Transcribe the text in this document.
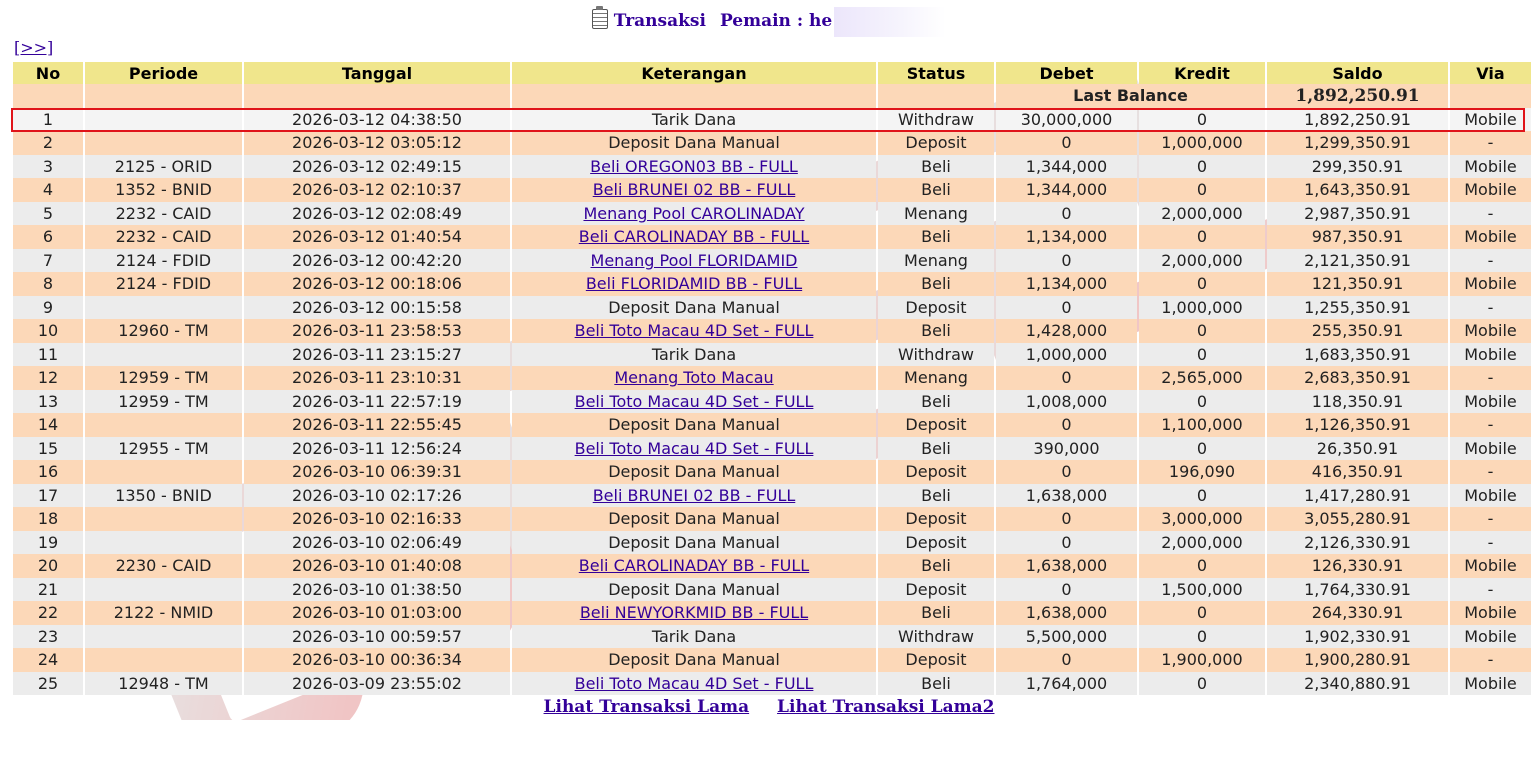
Transaksi Pemain : he
[>>]
No	Periode	Tanggal	Keterangan	Status	Debet	Kredit	Saldo	Via
					Last Balance		1,892,250.91	
1		2026-03-12 04:38:50	Tarik Dana	Withdraw	30,000,000	0	1,892,250.91	Mobile
2		2026-03-12 03:05:12	Deposit Dana Manual	Deposit	0	1,000,000	1,299,350.91	-
3	2125 - ORID	2026-03-12 02:49:15	Beli OREGON03 BB - FULL	Beli	1,344,000	0	299,350.91	Mobile
4	1352 - BNID	2026-03-12 02:10:37	Beli BRUNEI 02 BB - FULL	Beli	1,344,000	0	1,643,350.91	Mobile
5	2232 - CAID	2026-03-12 02:08:49	Menang Pool CAROLINADAY	Menang	0	2,000,000	2,987,350.91	-
6	2232 - CAID	2026-03-12 01:40:54	Beli CAROLINADAY BB - FULL	Beli	1,134,000	0	987,350.91	Mobile
7	2124 - FDID	2026-03-12 00:42:20	Menang Pool FLORIDAMID	Menang	0	2,000,000	2,121,350.91	-
8	2124 - FDID	2026-03-12 00:18:06	Beli FLORIDAMID BB - FULL	Beli	1,134,000	0	121,350.91	Mobile
9		2026-03-12 00:15:58	Deposit Dana Manual	Deposit	0	1,000,000	1,255,350.91	-
10	12960 - TM	2026-03-11 23:58:53	Beli Toto Macau 4D Set - FULL	Beli	1,428,000	0	255,350.91	Mobile
11		2026-03-11 23:15:27	Tarik Dana	Withdraw	1,000,000	0	1,683,350.91	Mobile
12	12959 - TM	2026-03-11 23:10:31	Menang Toto Macau	Menang	0	2,565,000	2,683,350.91	-
13	12959 - TM	2026-03-11 22:57:19	Beli Toto Macau 4D Set - FULL	Beli	1,008,000	0	118,350.91	Mobile
14		2026-03-11 22:55:45	Deposit Dana Manual	Deposit	0	1,100,000	1,126,350.91	-
15	12955 - TM	2026-03-11 12:56:24	Beli Toto Macau 4D Set - FULL	Beli	390,000	0	26,350.91	Mobile
16		2026-03-10 06:39:31	Deposit Dana Manual	Deposit	0	196,090	416,350.91	-
17	1350 - BNID	2026-03-10 02:17:26	Beli BRUNEI 02 BB - FULL	Beli	1,638,000	0	1,417,280.91	Mobile
18		2026-03-10 02:16:33	Deposit Dana Manual	Deposit	0	3,000,000	3,055,280.91	-
19		2026-03-10 02:06:49	Deposit Dana Manual	Deposit	0	2,000,000	2,126,330.91	-
20	2230 - CAID	2026-03-10 01:40:08	Beli CAROLINADAY BB - FULL	Beli	1,638,000	0	126,330.91	Mobile
21		2026-03-10 01:38:50	Deposit Dana Manual	Deposit	0	1,500,000	1,764,330.91	-
22	2122 - NMID	2026-03-10 01:03:00	Beli NEWYORKMID BB - FULL	Beli	1,638,000	0	264,330.91	Mobile
23		2026-03-10 00:59:57	Tarik Dana	Withdraw	5,500,000	0	1,902,330.91	Mobile
24		2026-03-10 00:36:34	Deposit Dana Manual	Deposit	0	1,900,000	1,900,280.91	-
25	12948 - TM	2026-03-09 23:55:02	Beli Toto Macau 4D Set - FULL	Beli	1,764,000	0	2,340,880.91	Mobile
Lihat Transaksi Lama Lihat Transaksi Lama2
